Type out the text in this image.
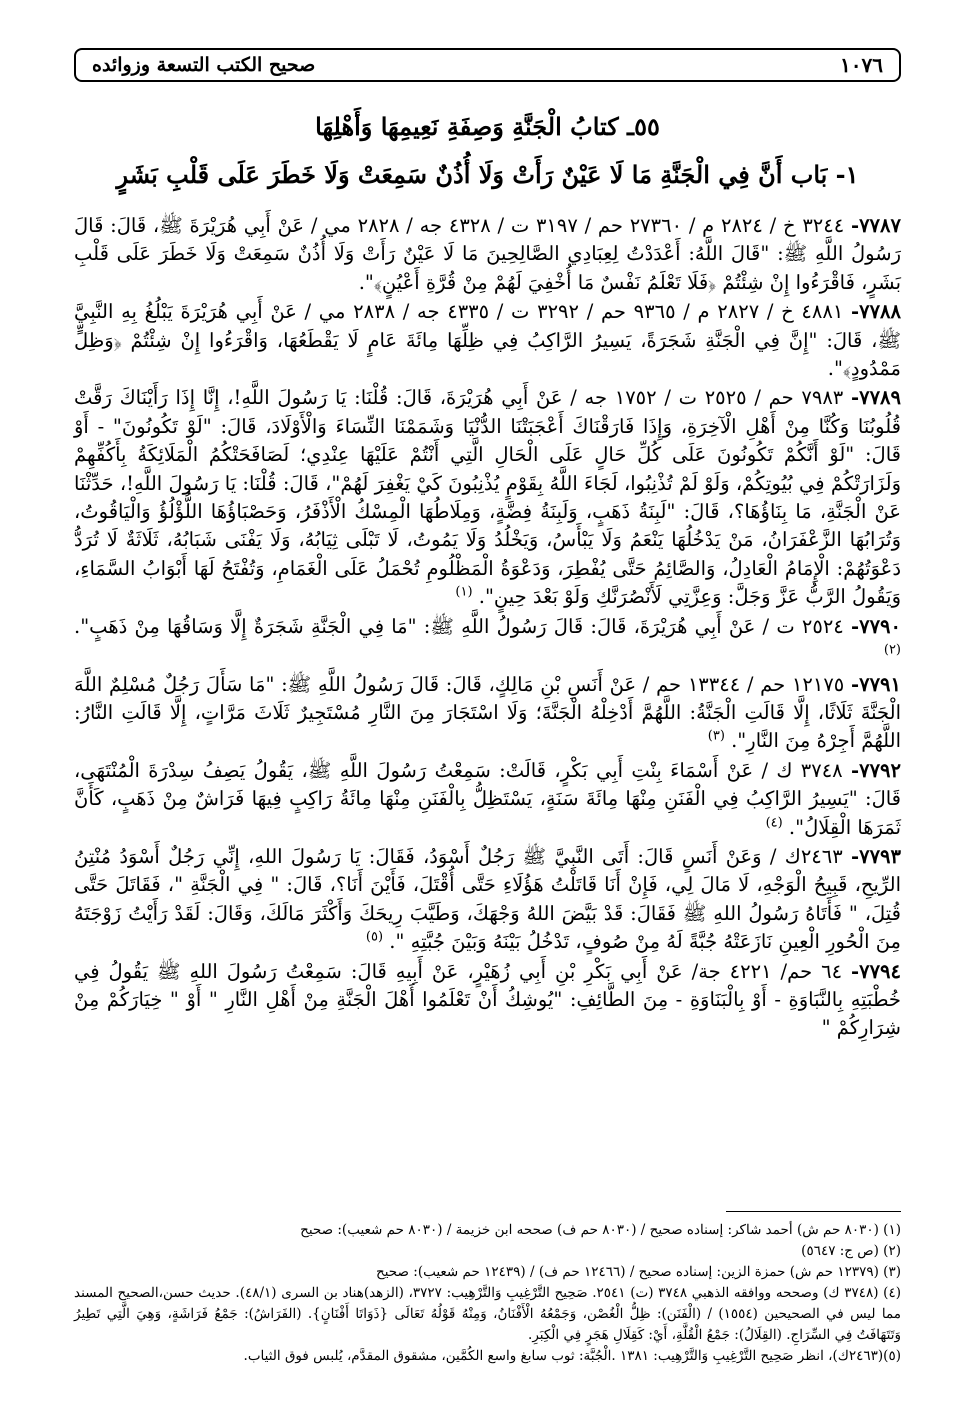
١٠٧٦
صحيح الكتب التسعة وزوائده
٥٥ـ كتابُ الْجَنَّةِ وَصِفَةِ نَعِيمِهَا وَأَهْلِهَا
١- بَاب أَنَّ فِي الْجَنَّةِ مَا لَا عَيْنٌ رَأَتْ وَلَا أُذُنٌ سَمِعَتْ وَلَا خَطَرَ عَلَى قَلْبِ بَشَرٍ

٧٧٨٧- ٣٢٤٤ خ / ٢٨٢٤ م / ٢٧٣٦٠ حم / ٣١٩٧ ت / ٤٣٢٨ جه / ٢٨٢٨ مي / عَنْ أَبِي هُرَيْرَةَ ﷺ، قَالَ: قَالَ رَسُولُ اللَّهِ ﷺ: "قَالَ اللَّهُ: أَعْدَدْتُ لِعِبَادِي الصَّالِحِينَ مَا لَا عَيْنٌ رَأَتْ وَلَا أُذُنٌ سَمِعَتْ وَلَا خَطَرَ عَلَى قَلْبِ بَشَرٍ، فَاقْرَءُوا إِنْ شِئْتُمْ ﴿فَلَا تَعْلَمُ نَفْسٌ مَا أُخْفِيَ لَهُمْ مِنْ قُرَّةِ أَعْيُنٍ﴾".

٧٧٨٨- ٤٨٨١ خ / ٢٨٢٧ م / ٩٣٦٥ حم / ٣٢٩٢ ت / ٤٣٣٥ جه / ٢٨٣٨ مي / عَنْ أَبِي هُرَيْرَةَ يَبْلُغُ بِهِ النَّبِيَّ ﷺ، قَالَ: "إِنَّ فِي الْجَنَّةِ شَجَرَةً، يَسِيرُ الرَّاكِبُ فِي ظِلِّهَا مِائَةَ عَامٍ لَا يَقْطَعُهَا، وَاقْرَءُوا إِنْ شِئْتُمْ ﴿وَظِلٍّ مَمْدُودٍ﴾".

٧٧٨٩- ٧٩٨٣ حم / ٢٥٢٥ ت / ١٧٥٢ جه / عَنْ أَبِي هُرَيْرَةَ، قَالَ: قُلْنَا: يَا رَسُولَ اللَّهِ!، إِنَّا إِذَا رَأَيْنَاكَ رَقَّتْ قُلُوبُنَا وَكُنَّا مِنْ أَهْلِ الْآخِرَةِ، وَإِذَا فَارَقْنَاكَ أَعْجَبَتْنَا الدُّنْيَا وَشَمَمْنَا النِّسَاءَ وَالْأَوْلَادَ، قَالَ: "لَوْ تَكُونُونَ" - أَوْ قَالَ: "لَوْ أَنَّكُمْ تَكُونُونَ عَلَى كُلِّ حَالٍ عَلَى الْحَالِ الَّتِي أَنْتُمْ عَلَيْهَا عِنْدِي؛ لَصَافَحَتْكُمُ الْمَلَائِكَةُ بِأَكُفِّهِمْ وَلَزَارَتْكُمْ فِي بُيُوتِكُمْ، وَلَوْ لَمْ تُذْنِبُوا، لَجَاءَ اللَّهُ بِقَوْمٍ يُذْنِبُونَ كَيْ يَغْفِرَ لَهُمْ"، قَالَ: قُلْنَا: يَا رَسُولَ اللَّهِ!، حَدِّثْنَا عَنْ الْجَنَّةِ، مَا بِنَاؤُهَا؟، قَالَ: "لَبِنَةُ ذَهَبٍ، وَلَبِنَةُ فِضَّةٍ، وَمِلَاطُهَا الْمِسْكُ الْأَذْفَرُ، وَحَصْبَاؤُهَا اللُّؤْلُؤُ وَالْيَاقُوتُ، وَتُرَابُهَا الزَّعْفَرَانُ، مَنْ يَدْخُلُهَا يَنْعَمُ وَلَا يَبْأَسُ، وَيَخْلُدُ وَلَا يَمُوتُ، لَا تَبْلَى ثِيَابُهُ، وَلَا يَفْنَى شَبَابُهُ، ثَلَاثَةٌ لَا تُرَدُّ دَعْوَتُهُمْ: الْإِمَامُ الْعَادِلُ، وَالصَّائِمُ حَتَّى يُفْطِرَ، وَدَعْوَةُ الْمَظْلُومِ تُحْمَلُ عَلَى الْغَمَامِ، وَتُفْتَحُ لَهَا أَبْوَابُ السَّمَاءِ، وَيَقُولُ الرَّبُّ عَزَّ وَجَلَّ: وَعِزَّتِي لَأَنْصُرَنَّكِ وَلَوْ بَعْدَ حِينٍ". $^{(١)}$

٧٧٩٠- ٢٥٢٤ ت / عَنْ أَبِي هُرَيْرَةَ، قَالَ: قَالَ رَسُولُ اللَّهِ ﷺ: "مَا فِي الْجَنَّةِ شَجَرَةٌ إِلَّا وَسَاقُهَا مِنْ ذَهَبٍ". $^{(٢)}$

٧٧٩١- ١٢١٧٥ حم / ١٣٣٤٤ حم / عَنْ أَنَسِ بْنِ مَالِكٍ، قَالَ: قَالَ رَسُولُ اللَّهِ ﷺ: "مَا سَأَلَ رَجُلٌ مُسْلِمٌ اللَّهَ الْجَنَّةَ ثَلَاثًا، إِلَّا قَالَتِ الْجَنَّةُ: اللَّهُمَّ أَدْخِلْهُ الْجَنَّةَ؛ وَلَا اسْتَجَارَ مِنَ النَّارِ مُسْتَجِيرٌ ثَلَاثَ مَرَّاتٍ، إِلَّا قَالَتِ النَّارُ: اللَّهُمَّ أَجِرْهُ مِنَ النَّارِ". $^{(٣)}$

٧٧٩٢- ٣٧٤٨ ك / عَنْ أَسْمَاءَ بِنْتِ أَبِي بَكْرٍ، قَالَتْ: سَمِعْتُ رَسُولَ اللَّهِ ﷺ، يَقُولُ يَصِفُ سِدْرَةَ الْمُنْتَهَى، قَالَ: "يَسِيرُ الرَّاكِبُ فِي الْفَنَنِ مِنْهَا مِائَةَ سَنَةٍ، يَسْتَظِلُّ بِالْفَنَنِ مِنْهَا مِائَةُ رَاكِبٍ فِيهَا فَرَاشٌ مِنْ ذَهَبٍ، كَأَنَّ ثَمَرَهَا الْقِلَالُ". $^{(٤)}$

٧٧٩٣- ٢٤٦٣ك / وَعَنْ أَنَسٍ قَالَ: أَتَى النَّبِيَّ ﷺ رَجُلٌ أَسْوَدُ، فَقَالَ: يَا رَسُولَ اللهِ، إِنِّي رَجُلٌ أَسْوَدُ مُنْتِنُ الرِّيحِ، قَبِيحُ الْوَجْهِ، لَا مَالَ لِي، فَإِنْ أَنَا قَاتَلْتُ هَؤُلَاءِ حَتَّى أُقْتَلَ، فَأَيْنَ أَنَا؟، قَالَ: " فِي الْجَنَّةِ "، فَقَاتَلَ حَتَّى قُتِلَ، " فَأَتَاهُ رَسُولُ اللهِ ﷺ فَقَالَ: قَدْ بَيَّضَ اللهُ وَجْهَكَ، وَطَيَّبَ رِيحَكَ وَأَكْثَرَ مَالَكَ، وَقَالَ: لَقَدْ رَأَيْتُ زَوْجَتَهُ مِنَ الْحُورِ الْعِينِ نَازَعَتْهُ جُبَّةً لَهُ مِنْ صُوفٍ، تَدْخُلُ بَيْنَهُ وَبَيْنَ جُبَّتِهِ ". $^{(٥)}$

٧٧٩٤- ٦٤ حم/ ٤٢٢١ جة/ عَنْ أَبِي بَكْرِ بْنِ أَبِي زُهَيْرٍ، عَنْ أَبِيهِ قَالَ: سَمِعْتُ رَسُولَ اللهِ ﷺ يَقُولُ فِي خُطْبَتِهِ بِالنَّبَاوَةِ - أَوْ بِالْبَنَاوَةِ - مِنَ الطَّائِفِ: "يُوشِكُ أَنْ تَعْلَمُوا أَهْلَ الْجَنَّةِ مِنْ أَهْلِ النَّارِ " أَوْ " خِيَارَكُمْ مِنْ شِرَارِكُمْ "

(١) (٨٠٣٠ حم ش) أحمد شاكر: إسناده صحيح / (٨٠٣٠ حم ف) صححه ابن خزيمة / (٨٠٣٠ حم شعيب): صحيح

(٢) (ص ج: ٥٦٤٧)

(٣) (١٢٣٧٩ حم ش) حمزة الزين: إسناده صحيح / (١٢٤٦٦ حم ف) / (١٢٤٣٩ حم شعيب): صحيح

(٤) (٣٧٤٨ ك) وصححه ووافقه الذهبي ٣٧٤٨ (ت) ٢٥٤١. صَحِيح التَّرْغِيبِ وَالتَّرْهِيب: ٣٧٢٧، (الزهد)هناد بن السرى (٤٨/١). حديث حسن،الصحيح المسند مما ليس في الصحيحين (١٥٥٤) / (الْفَنَن): ظِلُّ الْغُصْن، وَجَمْعُهُ الْأَفْنَانُ، وَمِنْهُ قَوْلُهُ تَعَالَى {ذَوَاتَا أَفْنَانٍ}. (الفَرَاشُ): جَمْعُ فَرَاشَةٍ، وَهِيَ الَّتِي تَطِيرُ وَتَتَهَافَتُ فِي السِّرَاجِ. (القِلَالُ): جَمْعُ الْقُلَّةِ، أَيْ: كَقِلَالِ هَجَرٍ فِي الْكِبَرِ.

(٥)(٢٤٦٣ك)، انظر صَحِيح التَّرْغِيبِ وَالتَّرْهِيب: ١٣٨١ .الْجُبَّة: ثوب سابغ واسع الكُمَّين، مشقوق المقدَّم، يُلبس فوق الثياب.
